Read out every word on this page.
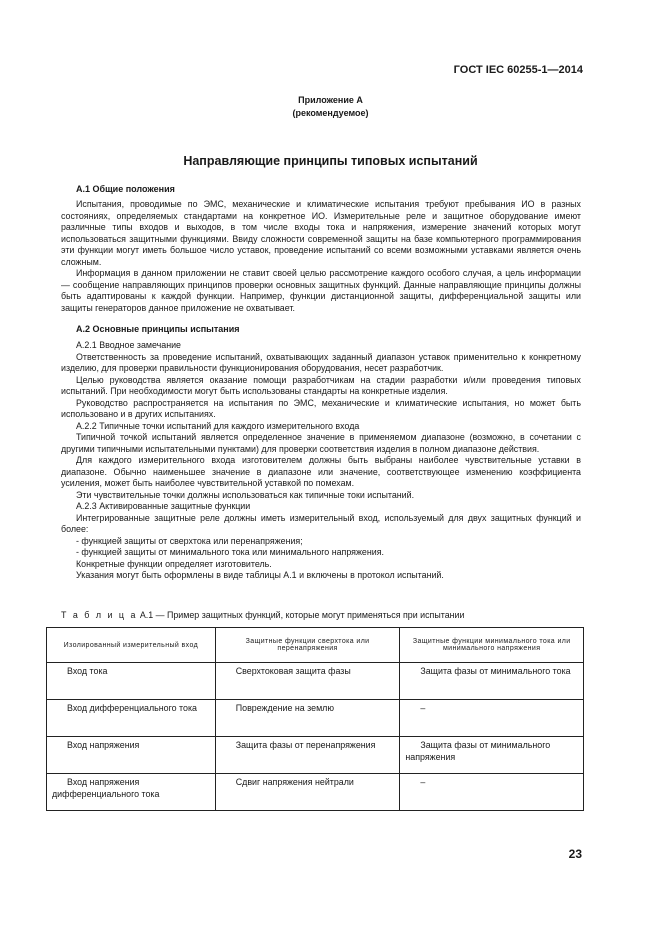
ГОСТ IEC 60255-1—2014
Приложение А
(рекомендуемое)
Направляющие принципы типовых испытаний
А.1 Общие положения

Испытания, проводимые по ЭМС, механические и климатические испытания требуют пребывания ИО в разных состояниях, определяемых стандартами на конкретное ИО. Измерительные реле и защитное оборудование имеют различные типы входов и выходов, в том числе входы тока и напряжения, измерение значений которых могут использоваться защитными функциями. Ввиду сложности современной защиты на базе компьютерного программирования эти функции могут иметь большое число уставок, проведение испытаний со всеми возможными уставками является очень сложным.

Информация в данном приложении не ставит своей целью рассмотрение каждого особого случая, а цель информации — сообщение направляющих принципов проверки основных защитных функций. Данные направляющие принципы должны быть адаптированы к каждой функции. Например, функции дистанционной защиты, дифференциальной защиты или защиты генераторов данное приложение не охватывает.

А.2 Основные принципы испытания

А.2.1 Вводное замечание

Ответственность за проведение испытаний, охватывающих заданный диапазон уставок применительно к конкретному изделию, для проверки правильности функционирования оборудования, несет разработчик.

Целью руководства является оказание помощи разработчикам на стадии разработки и/или проведения типовых испытаний. При необходимости могут быть использованы стандарты на конкретные изделия.

Руководство распространяется на испытания по ЭМС, механические и климатические испытания, но может быть использовано и в других испытаниях.

А.2.2 Типичные точки испытаний для каждого измерительного входа

Типичной точкой испытаний является определенное значение в применяемом диапазоне (возможно, в сочетании с другими типичными испытательными пунктами) для проверки соответствия изделия в полном диапазоне действия.

Для каждого измерительного входа изготовителем должны быть выбраны наиболее чувствительные уставки в диапазоне. Обычно наименьшее значение в диапазоне или значение, соответствующее изменению коэффициента усиления, может быть наиболее чувствительной уставкой по помехам.

Эти чувствительные точки должны использоваться как типичные токи испытаний.

А.2.3 Активированные защитные функции

Интегрированные защитные реле должны иметь измерительный вход, используемый для двух защитных функций и более:

- функцией защиты от сверхтока или перенапряжения;

- функцией защиты от минимального тока или минимального напряжения.

Конкретные функции определяет изготовитель.

Указания могут быть оформлены в виде таблицы А.1 и включены в протокол испытаний.

Т а б л и ц а А.1 — Пример защитных функций, которые могут применяться при испытании
Изолированный измерительный вход	Защитные функции сверхтока или перенапряжения	Защитные функции минимального тока или минимального напряжения
Вход тока	Сверхтоковая защита фазы	Защита фазы от минимального тока
Вход дифференциального тока	Повреждение на землю	–
Вход напряжения	Защита фазы от перенапряжения	Защита фазы от минимального напряжения
Вход напряжения дифференциального тока	Сдвиг напряжения нейтрали	–
23
